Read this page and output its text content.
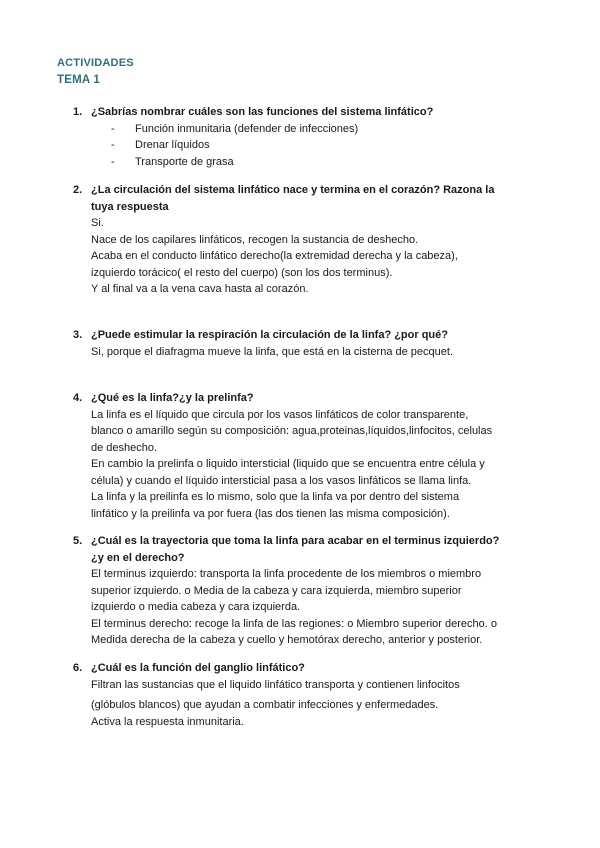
ACTIVIDADES
TEMA 1
1. ¿Sabrías nombrar cuáles son las funciones del sistema linfático?
- Función inmunitaria (defender de infecciones)
- Drenar líquidos
- Transporte de grasa
2. ¿La circulación del sistema linfático nace y termina en el corazón? Razona la
tuya respuesta
Si.
Nace de los capilares linfáticos, recogen la sustancia de deshecho.
Acaba en el conducto linfático derecho(la extremidad derecha y la cabeza),
izquierdo torácico( el resto del cuerpo) (son los dos terminus).
Y al final va a la vena cava hasta al corazón.
3. ¿Puede estimular la respiración la circulación de la linfa? ¿por qué?
Si, porque el diafragma mueve la linfa, que está en la cisterna de pecquet.
4. ¿Qué es la linfa?¿y la prelinfa?
La linfa es el líquido que circula por los vasos linfáticos de color transparente,
blanco o amarillo según su composición: agua,proteinas,líquidos,linfocitos, celulas
de deshecho.
En cambio la prelinfa o liquido intersticial (liquido que se encuentra entre célula y
célula) y cuando el líquido intersticial pasa a los vasos linfáticos se llama linfa.
La linfa y la preilinfa es lo mismo, solo que la linfa va por dentro del sistema
linfático y la preilinfa va por fuera (las dos tienen las misma composición).
5. ¿Cuál es la trayectoria que toma la linfa para acabar en el terminus izquierdo?
¿y en el derecho?
El terminus izquierdo: transporta la linfa procedente de los miembros o miembro
superior izquierdo. o Media de la cabeza y cara izquierda, miembro superior
izquierdo o media cabeza y cara izquierda.
El terminus derecho: recoge la linfa de las regiones: o Miembro superior derecho. o
Medida derecha de la cabeza y cuello y hemotórax derecho, anterior y posterior.
6. ¿Cuál es la función del ganglio linfático?
Filtran las sustancias que el liquido linfático transporta y contienen linfocitos
(glóbulos blancos) que ayudan a combatir infecciones y enfermedades.
Activa la respuesta inmunitaria.
